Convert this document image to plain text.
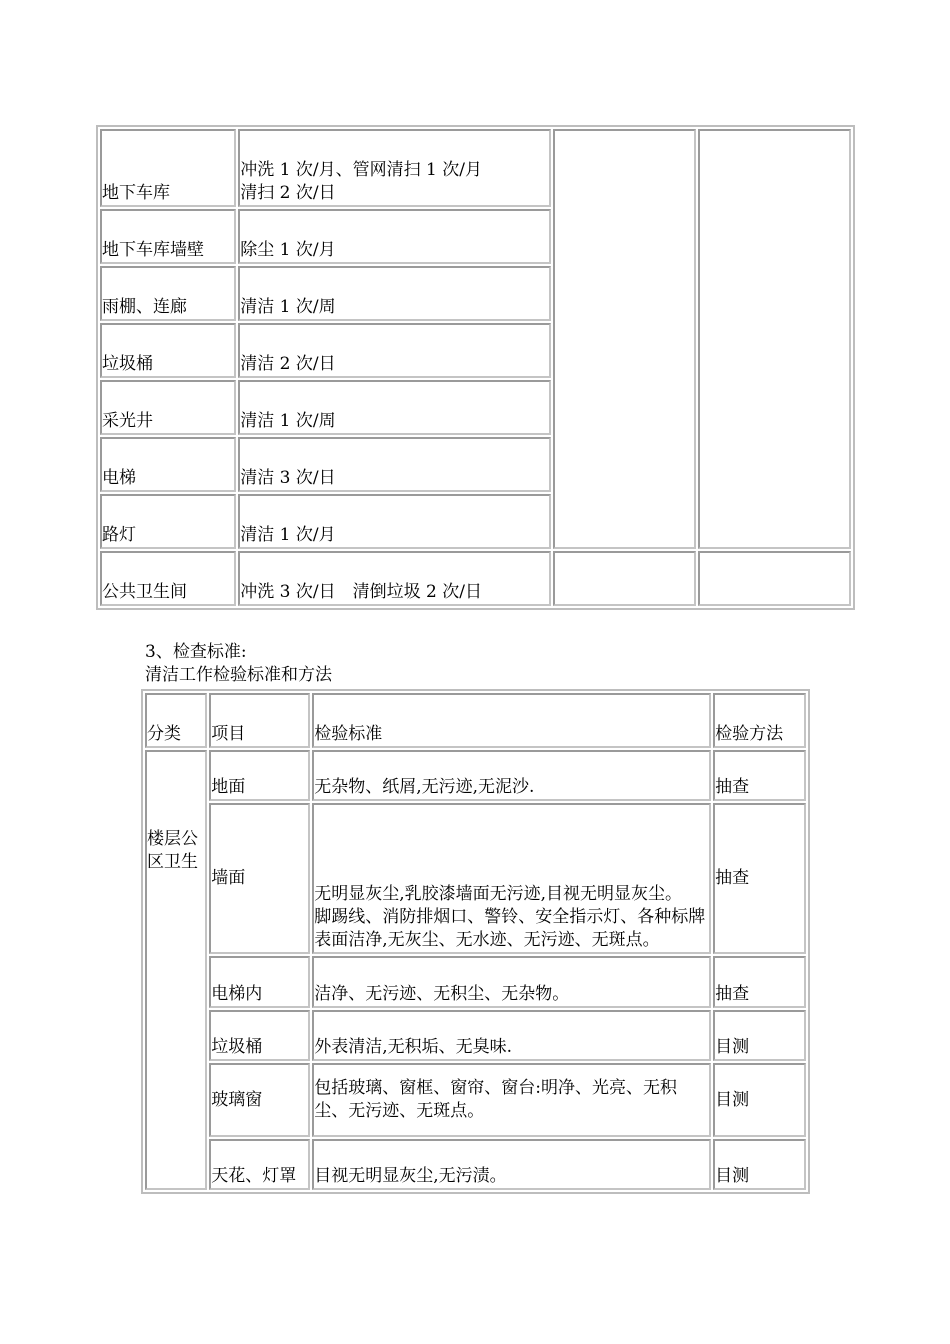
地下车库	冲洗 1 次/月、管网清扫 1 次/月
清扫 2 次/日		
地下车库墙壁	除尘 1 次/月		
雨棚、连廊	清洁 1 次/周		
垃圾桶	清洁 2 次/日		
采光井	清洁 1 次/周		
电梯	清洁 3 次/日		
路灯	清洁 1 次/月		
公共卫生间	冲洗 3 次/日　清倒垃圾 2 次/日		
3、检查标准:
清洁工作检验标准和方法
分类	项目	检验标准	检验方法
楼层公区卫生	地面	无杂物、纸屑,无污迹,无泥沙.	抽查
	墙面	无明显灰尘,乳胶漆墙面无污迹,目视无明显灰尘。
脚踢线、消防排烟口、警铃、安全指示灯、各种标牌表面洁净,无灰尘、无水迹、无污迹、无斑点。	抽查
	电梯内	洁净、无污迹、无积尘、无杂物。	抽查
	垃圾桶	外表清洁,无积垢、无臭味.	目测
	玻璃窗	包括玻璃、窗框、窗帘、窗台:明净、光亮、无积尘、无污迹、无斑点。	目测
	天花、灯罩	目视无明显灰尘,无污渍。	目测
